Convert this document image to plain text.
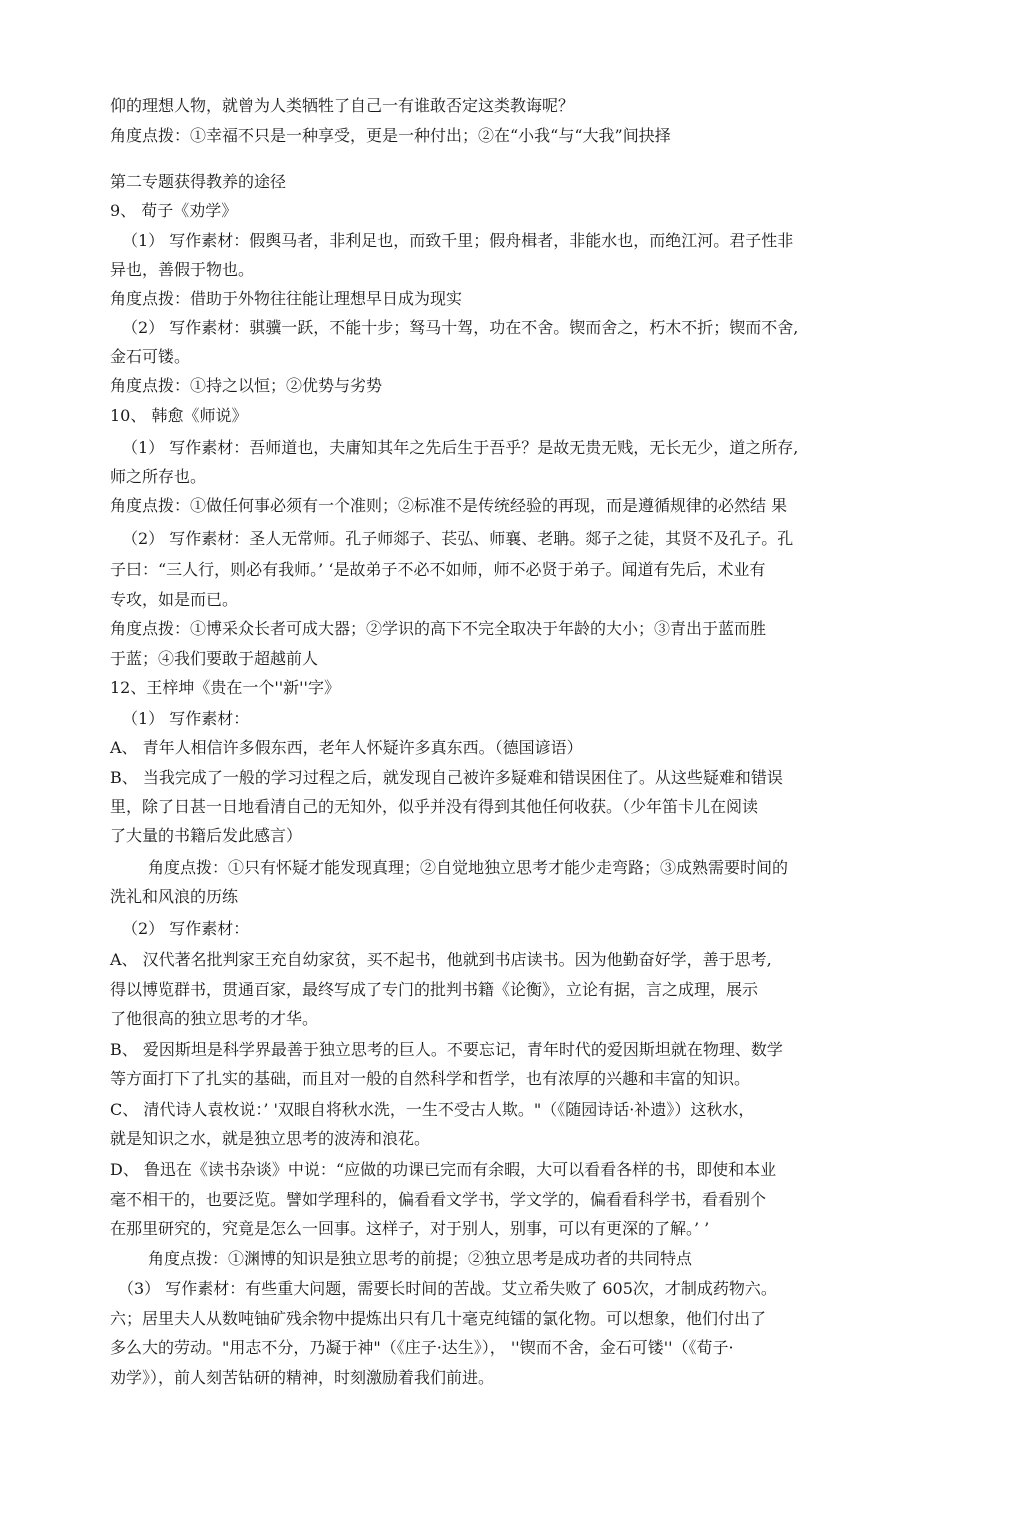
仰的理想人物，就曾为人类牺牲了自己一有谁敢否定这类教诲呢？
角度点拨：①幸福不只是一种享受，更是一种付出；②在“小我“与“大我”间抉择
第二专题获得教养的途径
9、 荀子《劝学》
（1） 写作素材：假舆马者，非利足也，而致千里；假舟楫者，非能水也，而绝江河。君子性非
异也，善假于物也。
角度点拨：借助于外物往往能让理想早日成为现实
（2） 写作素材：骐骥一跃，不能十步；驽马十驾，功在不舍。锲而舍之，朽木不折；锲而不舍,
金石可镂。
角度点拨：①持之以恒；②优势与劣势
10、 韩愈《师说》
（1） 写作素材：吾师道也，夫庸知其年之先后生于吾乎？是故无贵无贱，无长无少，道之所存,
师之所存也。
角度点拨：①做任何事必须有一个准则；②标准不是传统经验的再现，而是遵循规律的必然结 果
（2） 写作素材：圣人无常师。孔子师郯子、苌弘、师襄、老聃。郯子之徒，其贤不及孔子。孔
子曰：“三人行，则必有我师。’ ‘是故弟子不必不如师，师不必贤于弟子。闻道有先后，术业有
专攻，如是而已。
角度点拨：①博采众长者可成大器；②学识的高下不完全取决于年龄的大小；③青出于蓝而胜
于蓝；④我们要敢于超越前人
12、王梓坤《贵在一个''新''字》
（1） 写作素材：
A、 青年人相信许多假东西，老年人怀疑许多真东西。（德国谚语）
B、 当我完成了一般的学习过程之后，就发现自己被许多疑难和错误困住了。从这些疑难和错误
里，除了日甚一日地看清自己的无知外，似乎并没有得到其他任何收获。（少年笛卡儿在阅读
了大量的书籍后发此感言）
角度点拨：①只有怀疑才能发现真理；②自觉地独立思考才能少走弯路；③成熟需要时间的
洗礼和风浪的历练
（2） 写作素材：
A、 汉代著名批判家王充自幼家贫，买不起书，他就到书店读书。因为他勤奋好学，善于思考,
得以博览群书，贯通百家，最终写成了专门的批判书籍《论衡》，立论有据，言之成理，展示
了他很高的独立思考的才华。
B、 爱因斯坦是科学界最善于独立思考的巨人。不要忘记，青年时代的爱因斯坦就在物理、数学
等方面打下了扎实的基础，而且对一般的自然科学和哲学，也有浓厚的兴趣和丰富的知识。
C、 清代诗人袁枚说：’ '双眼自将秋水洗，一生不受古人欺。"（《随园诗话·补遗》）这秋水，
就是知识之水，就是独立思考的波涛和浪花。
D、 鲁迅在《读书杂谈》中说：“应做的功课已完而有余暇，大可以看看各样的书，即使和本业
毫不相干的，也要泛览。譬如学理科的，偏看看文学书，学文学的，偏看看科学书，看看别个
在那里研究的，究竟是怎么一回事。这样子，对于别人，别事，可以有更深的了解。’ ’
角度点拨：①渊博的知识是独立思考的前提；②独立思考是成功者的共同特点
（3） 写作素材：有些重大问题，需要长时间的苦战。艾立希失败了 605次，才制成药物六。
六；居里夫人从数吨铀矿残余物中提炼出只有几十毫克纯镭的氯化物。可以想象，他们付出了
多么大的劳动。"用志不分，乃凝于神"（《庄子·达生》）， ''锲而不舍，金石可镂''（《荀子·
劝学》），前人刻苦钻研的精神，时刻激励着我们前进。
